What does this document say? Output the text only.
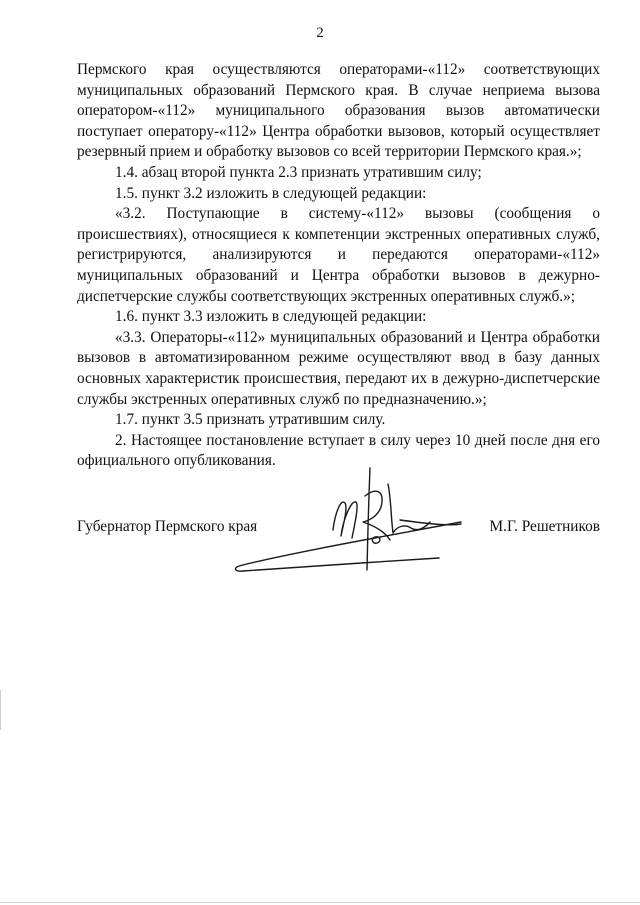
2

Пермского края осуществляются операторами-«112» соответствующих муниципальных образований Пермского края. В случае неприема вызова оператором-«112» муниципального образования вызов автоматически поступает оператору-«112» Центра обработки вызовов, который осуществляет резервный прием и обработку вызовов со всей территории Пермского края.»;

1.4. абзац второй пункта 2.3 признать утратившим силу;

1.5. пункт 3.2 изложить в следующей редакции:

«3.2. Поступающие в систему-«112» вызовы (сообщения о происшествиях), относящиеся к компетенции экстренных оперативных служб, регистрируются, анализируются и передаются операторами-«112» муниципальных образований и Центра обработки вызовов в дежурно-диспетчерские службы соответствующих экстренных оперативных служб.»;

1.6. пункт 3.3 изложить в следующей редакции:

«3.3. Операторы-«112» муниципальных образований и Центра обработки вызовов в автоматизированном режиме осуществляют ввод в базу данных основных характеристик происшествия, передают их в дежурно-диспетчерские службы экстренных оперативных служб по предназначению.»;

1.7. пункт 3.5 признать утратившим силу.

2. Настоящее постановление вступает в силу через 10 дней после дня его официального опубликования.

Губернатор Пермского края	М.Г. Решетников
